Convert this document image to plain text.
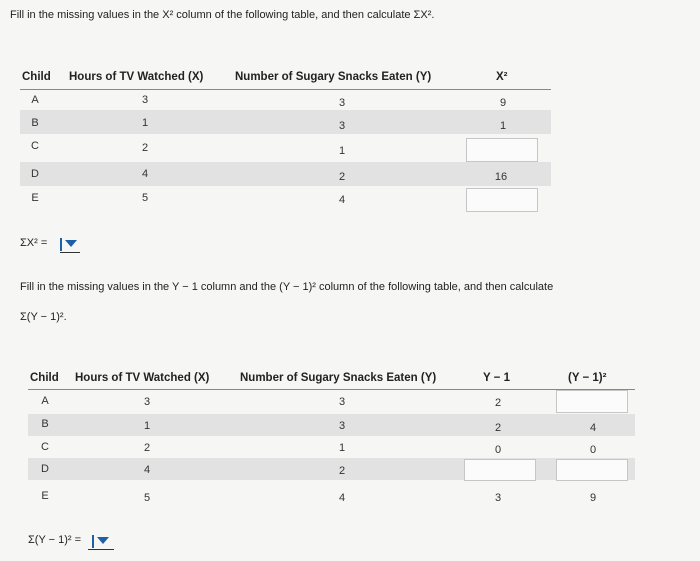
Fill in the missing values in the X² column of the following table, and then calculate ΣX².
Child Hours of TV Watched (X)	Number of Sugary Snacks Eaten (Y)	X²
A	3	3	9
B	1	3	1
C	2	1
D	4	2	16
E	5	4
ΣX² =
Fill in the missing values in the Y − 1 column and the (Y − 1)² column of the following table, and then calculate
Σ(Y − 1)².
Child Hours of TV Watched (X)	Number of Sugary Snacks Eaten (Y)	Y − 1	(Y − 1)²
A	3	3	2
B	1	3	2	4
C	2	1	0	0
D	4	2
E	5	4	3	9
Σ(Y − 1)² =
